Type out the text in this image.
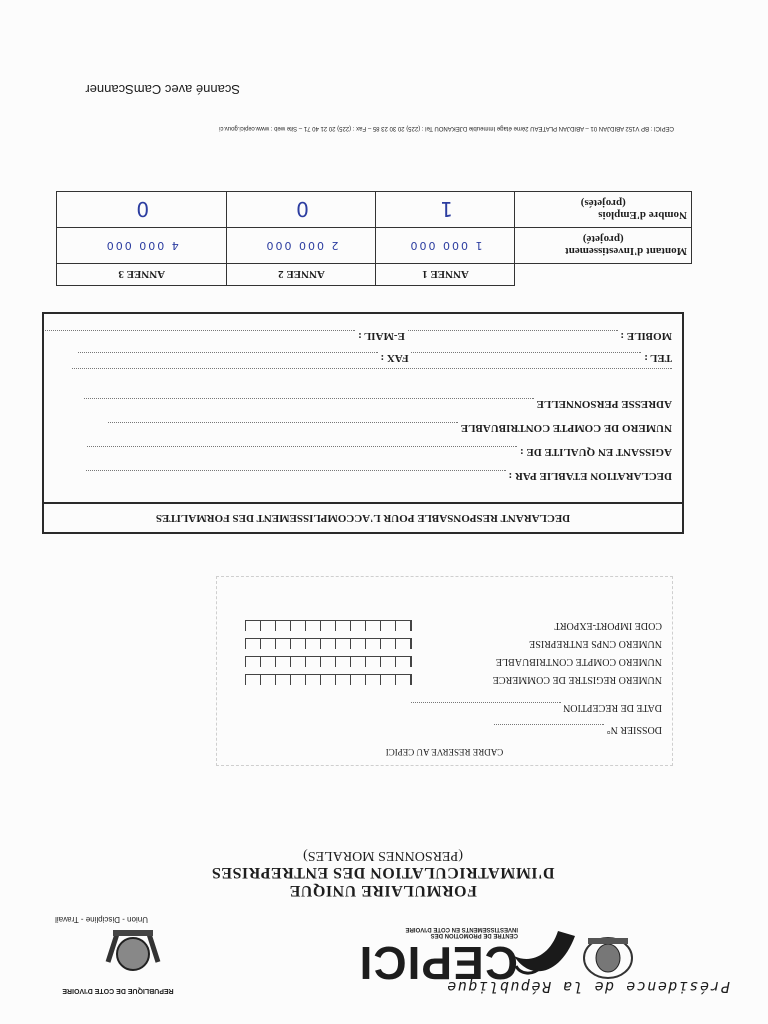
Présidence de la République
CEPICI
CENTRE DE PROMOTION DES INVESTISSEMENTS EN COTE D'IVOIRE
REPUBLIQUE DE COTE D'IVOIRE
Union - Discipline - Travail
FORMULAIRE UNIQUE
D'IMMATRICULATION DES ENTREPRISES
(PERSONNES MORALES)
CADRE RESERVE AU CEPICI
DOSSIER N°
DATE DE RECEPTION
NUMERO REGISTRE DE COMMERCE
NUMERO COMPTE CONTRIBUABLE
NUMERO CNPS ENTREPRISE
CODE IMPORT-EXPORT
DECLARANT RESPONSABLE POUR L'ACCOMPLISSEMENT DES FORMALITES
DECLARATION ETABLIE PAR :
AGISSANT EN QUALITE DE :
NUMERO DE COMPTE CONTRIBUABLE
ADRESSE PERSONNELLE
TEL :  FAX :
MOBILE :  E-MAIL :
	ANNEE 1	ANNEE 2	ANNEE 3

Montant d'Investissement
(projeté)	1 000 000	2 000 000	4 000 000

Nombre d'Emplois
(projetés)	1	0	0
CEPICI : BP V152 ABIDJAN 01 – ABIDJAN PLATEAU 2ème étage Immeuble DJEKANOU Tel : (225) 20 30 23 85 – Fax : (225) 20 21 40 71 – Site web : www.cepici.gouv.ci
Scanné avec CamScanner
